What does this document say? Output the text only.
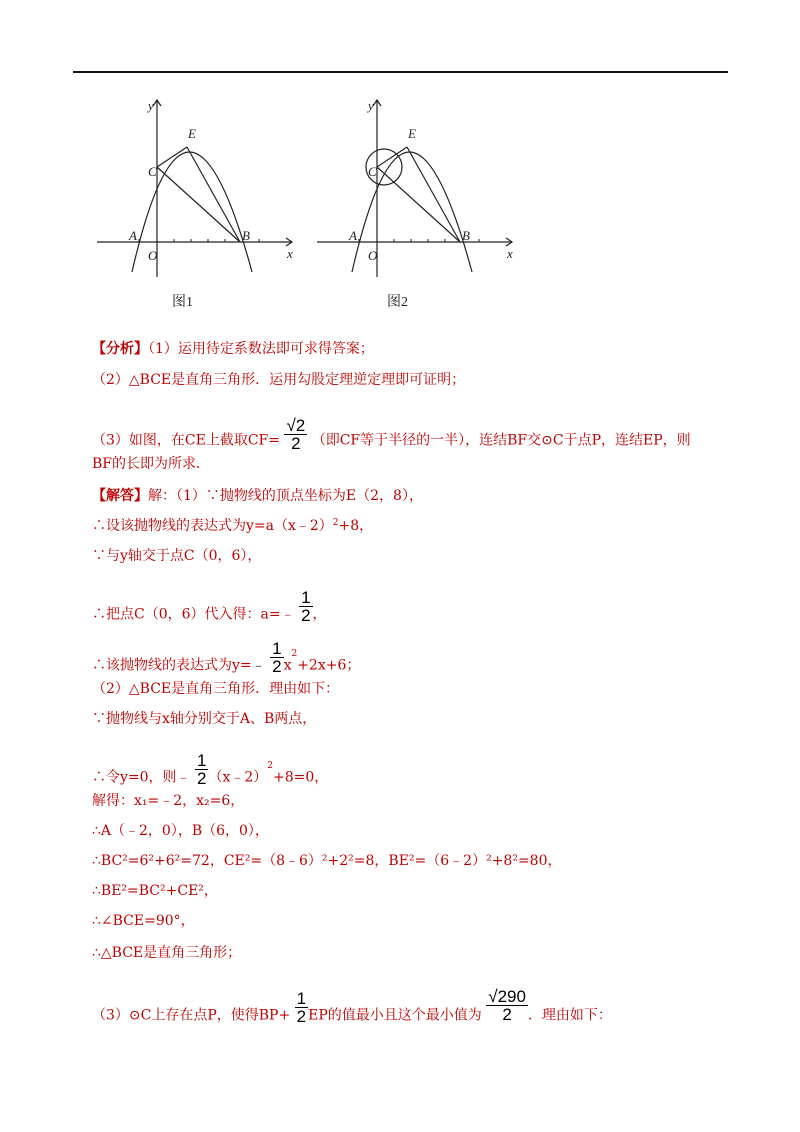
y
x
E
C
A	B
O
图1
y
x
E
C
A	B
O
图2
【分析】（1）运用待定系数法即可求得答案；
（2）△BCE是直角三角形．运用勾股定理逆定理即可证明；
（3）如图，在CE上截取$CF= \frac{√2}{2}$ （即CF等于半径的一半），连结BF交⊙C于点P，连结EP，则
BF的长即为所求．
【解答】解：（1）∵抛物线的顶点坐标为E（2，8），
∴设该抛物线的表达式为y=a（x﹣2）$^2$+8，
∵与y轴交于点C（0，6），
∴把点C（0，6）代入得：a=﹣ $\frac{1}{2}$ ，
∴该抛物线的表达式为y=﹣ $\frac{1}{2} x^2+2x+6$；
（2）△BCE是直角三角形．理由如下：
∵抛物线与x轴分别交于A、B两点，
∴令y=0，则﹣ $\frac{1}{2}$ （x﹣2）$^2$+8=0，
解得：x₁=﹣2，x₂=6，
∴A（﹣2，0），B（6，0），
∴BC²=6²+6²=72，CE²=（8﹣6）²+2²=8，BE²=（6﹣2）²+8²=80，
∴BE²=BC²+CE²，
∴∠BCE=90°，
∴△BCE是直角三角形；
（3）⊙C上存在点P，使得$BP+ \frac{1}{2}$ EP的值最小且这个最小值为 $\frac{√290}{2}$ ．理由如下：
